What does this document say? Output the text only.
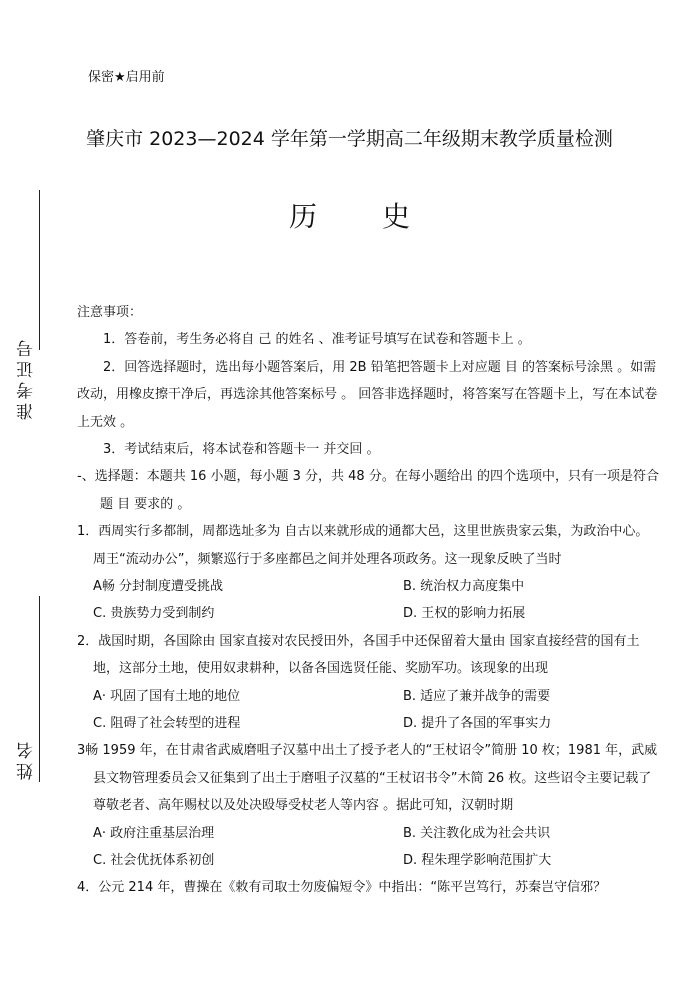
保密★启用前
肇庆市 2023—2024 学年第一学期高二年级期末教学质量检测
历 史
准考证号
姓名

注意事项：

1．答卷前，考生务必将自 己 的姓名 、准考证号填写在试卷和答题卡上 。

2．回答选择题时，选出每小题答案后，用 2B 铅笔把答题卡上对应题 目 的答案标号涂黑 。如需改动，用橡皮擦干净后，再选涂其他答案标号 。 回答非选择题时，将答案写在答题卡上，写在本试卷上无效 。

3．考试结束后，将本试卷和答题卡一 并交回 。

-、选择题：本题共 16 小题，每小题 3 分，共 48 分。在每小题给出 的四个选项中，只有一项是符合题 目 要求的 。

1．西周实行多都制，周都选址多为 自古以来就形成的通都大邑，这里世族贵家云集，为政治中心。周王“流动办公”，频繁巡行于多座都邑之间并处理各项政务。这一现象反映了当时

A畅 分封制度遭受挑战	B. 统治权力高度集中
C. 贵族势力受到制约	D. 王权的影响力拓展

2．战国时期，各国除由 国家直接对农民授田外，各国手中还保留着大量由 国家直接经营的国有土地，这部分土地，使用奴隶耕种，以备各国选贤任能、奖励军功。该现象的出现

A· 巩固了国有土地的地位	B. 适应了兼并战争的需要
C. 阻碍了社会转型的进程	D. 提升了各国的军事实力

3畅 1959 年，在甘肃省武威磨咀子汉墓中出土了授予老人的“王杖诏令”简册 10 枚；1981 年，武威县文物管理委员会又征集到了出土于磨咀子汉墓的“王杖诏书令”木简 26 枚。这些诏令主要记载了尊敬老者、高年赐杖以及处决殴辱受杖老人等内容 。据此可知，汉朝时期

A· 政府注重基层治理	B. 关注教化成为社会共识
C. 社会优抚体系初创	D. 程朱理学影响范围扩大

4．公元 214 年，曹操在《敕有司取士勿废偏短令》中指出：“陈平岂笃行，苏秦岂守信邪？
